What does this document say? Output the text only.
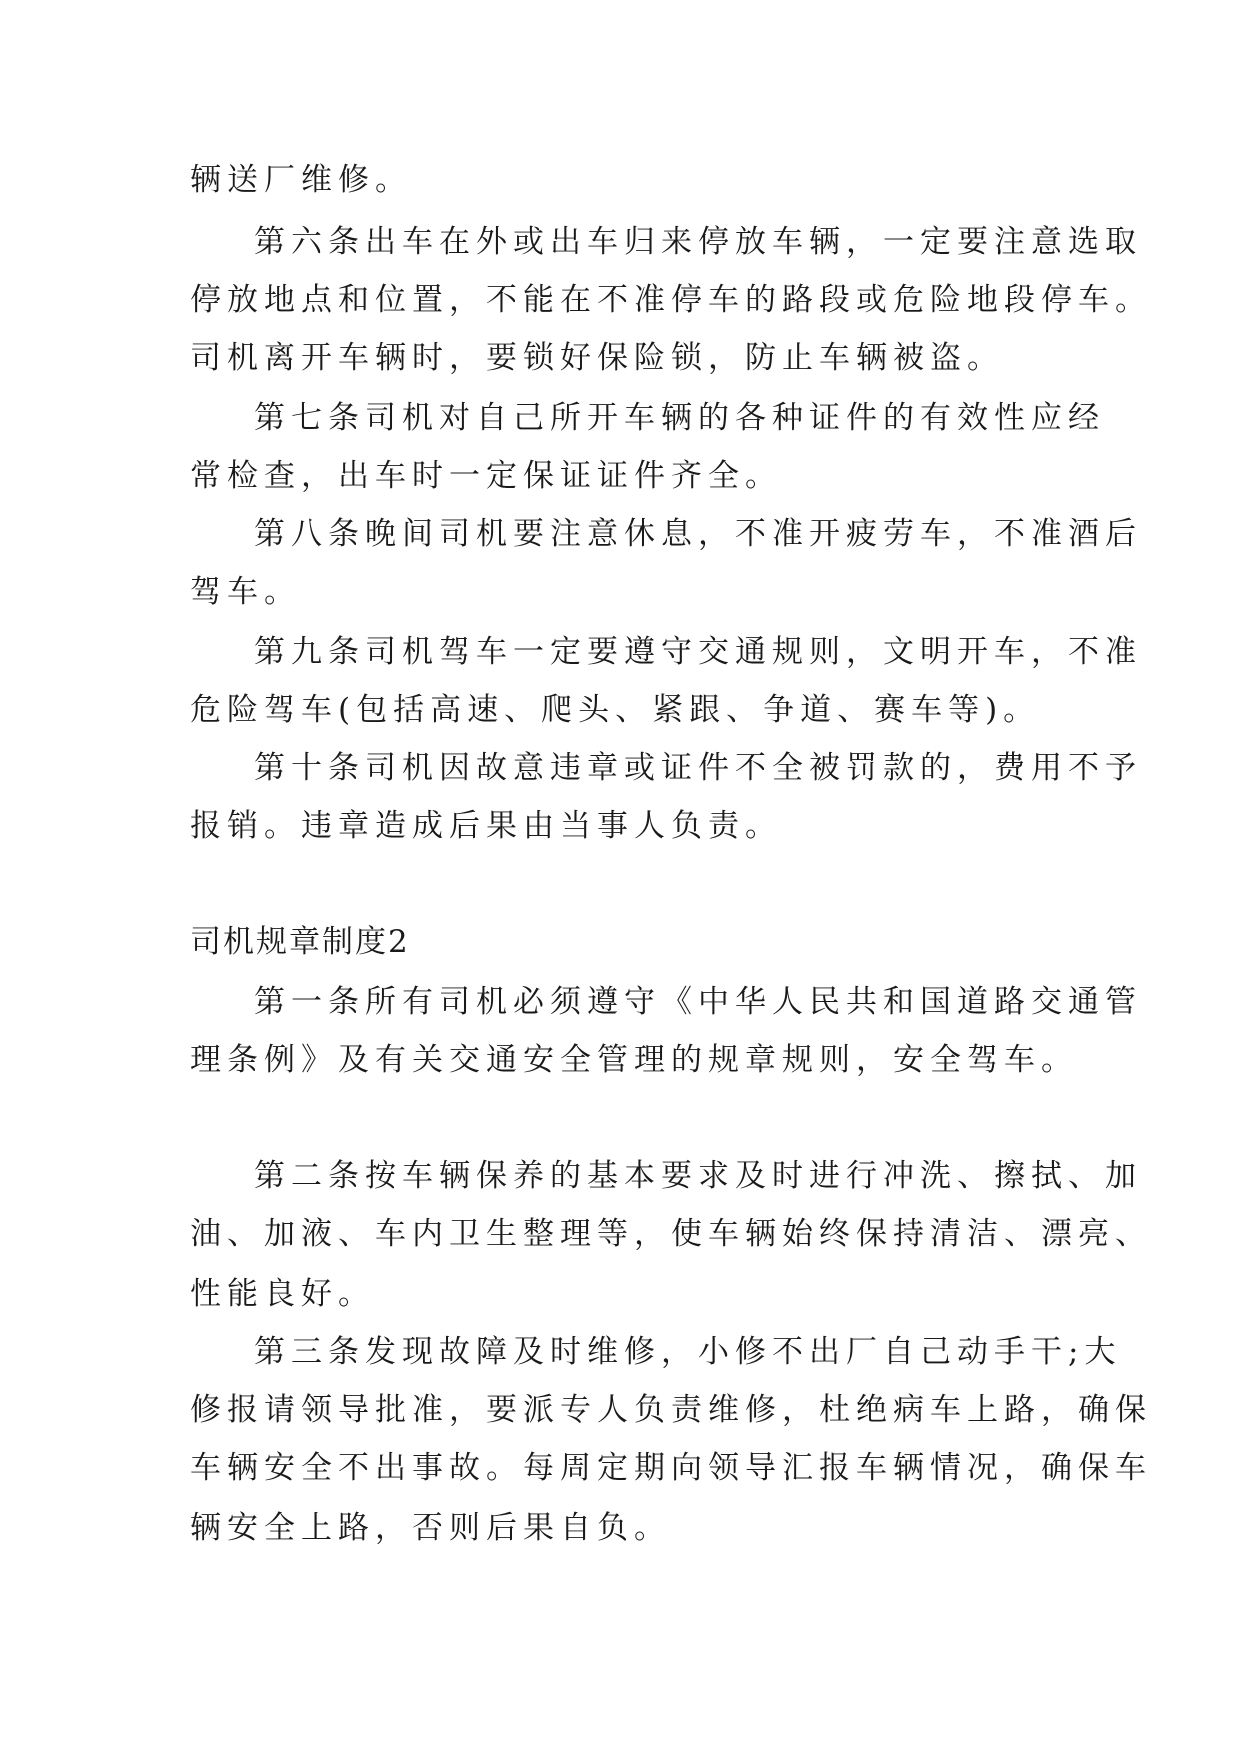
辆送厂维修。

第六条出车在外或出车归来停放车辆，一定要注意选取

停放地点和位置，不能在不准停车的路段或危险地段停车。

司机离开车辆时，要锁好保险锁，防止车辆被盗。

第七条司机对自己所开车辆的各种证件的有效性应经

常检查，出车时一定保证证件齐全。

第八条晚间司机要注意休息，不准开疲劳车，不准酒后

驾车。

第九条司机驾车一定要遵守交通规则，文明开车，不准

危险驾车(包括高速、爬头、紧跟、争道、赛车等)。

第十条司机因故意违章或证件不全被罚款的，费用不予

报销。违章造成后果由当事人负责。

司机规章制度2

第一条所有司机必须遵守《中华人民共和国道路交通管

理条例》及有关交通安全管理的规章规则，安全驾车。

第二条按车辆保养的基本要求及时进行冲洗、擦拭、加

油、加液、车内卫生整理等，使车辆始终保持清洁、漂亮、

性能良好。

第三条发现故障及时维修，小修不出厂自己动手干;大

修报请领导批准，要派专人负责维修，杜绝病车上路，确保

车辆安全不出事故。每周定期向领导汇报车辆情况，确保车

辆安全上路，否则后果自负。
